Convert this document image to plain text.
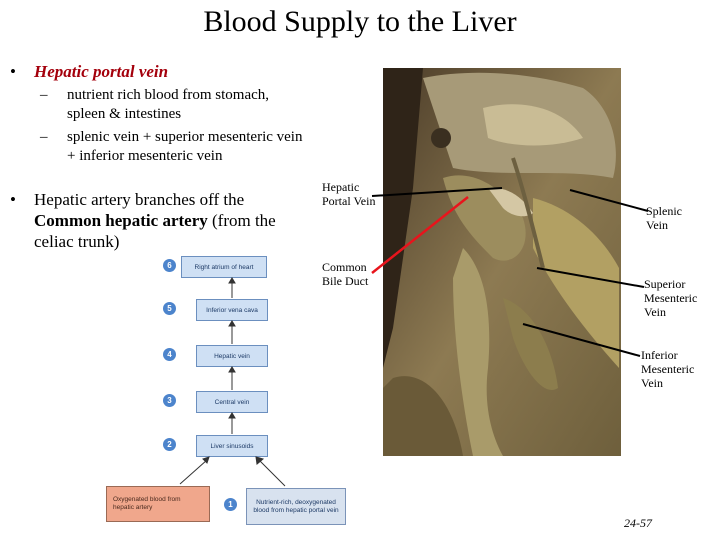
Blood Supply to the Liver
• Hepatic portal vein
– nutrient rich blood from stomach, spleen & intestines
– splenic vein + superior mesenteric vein + inferior mesenteric vein
• Hepatic artery branches off the Common hepatic artery (from the celiac trunk)
6	Right atrium of heart
5	Inferior vena cava
4	Hepatic vein
3	Central vein
2	Liver sinusoids
Oxygenated blood from hepatic artery	1	Nutrient-rich, deoxygenated blood from hepatic portal vein
Hepatic Portal Vein
Common Bile Duct
Splenic Vein
Superior Mesenteric Vein
Inferior Mesenteric Vein
24-57
